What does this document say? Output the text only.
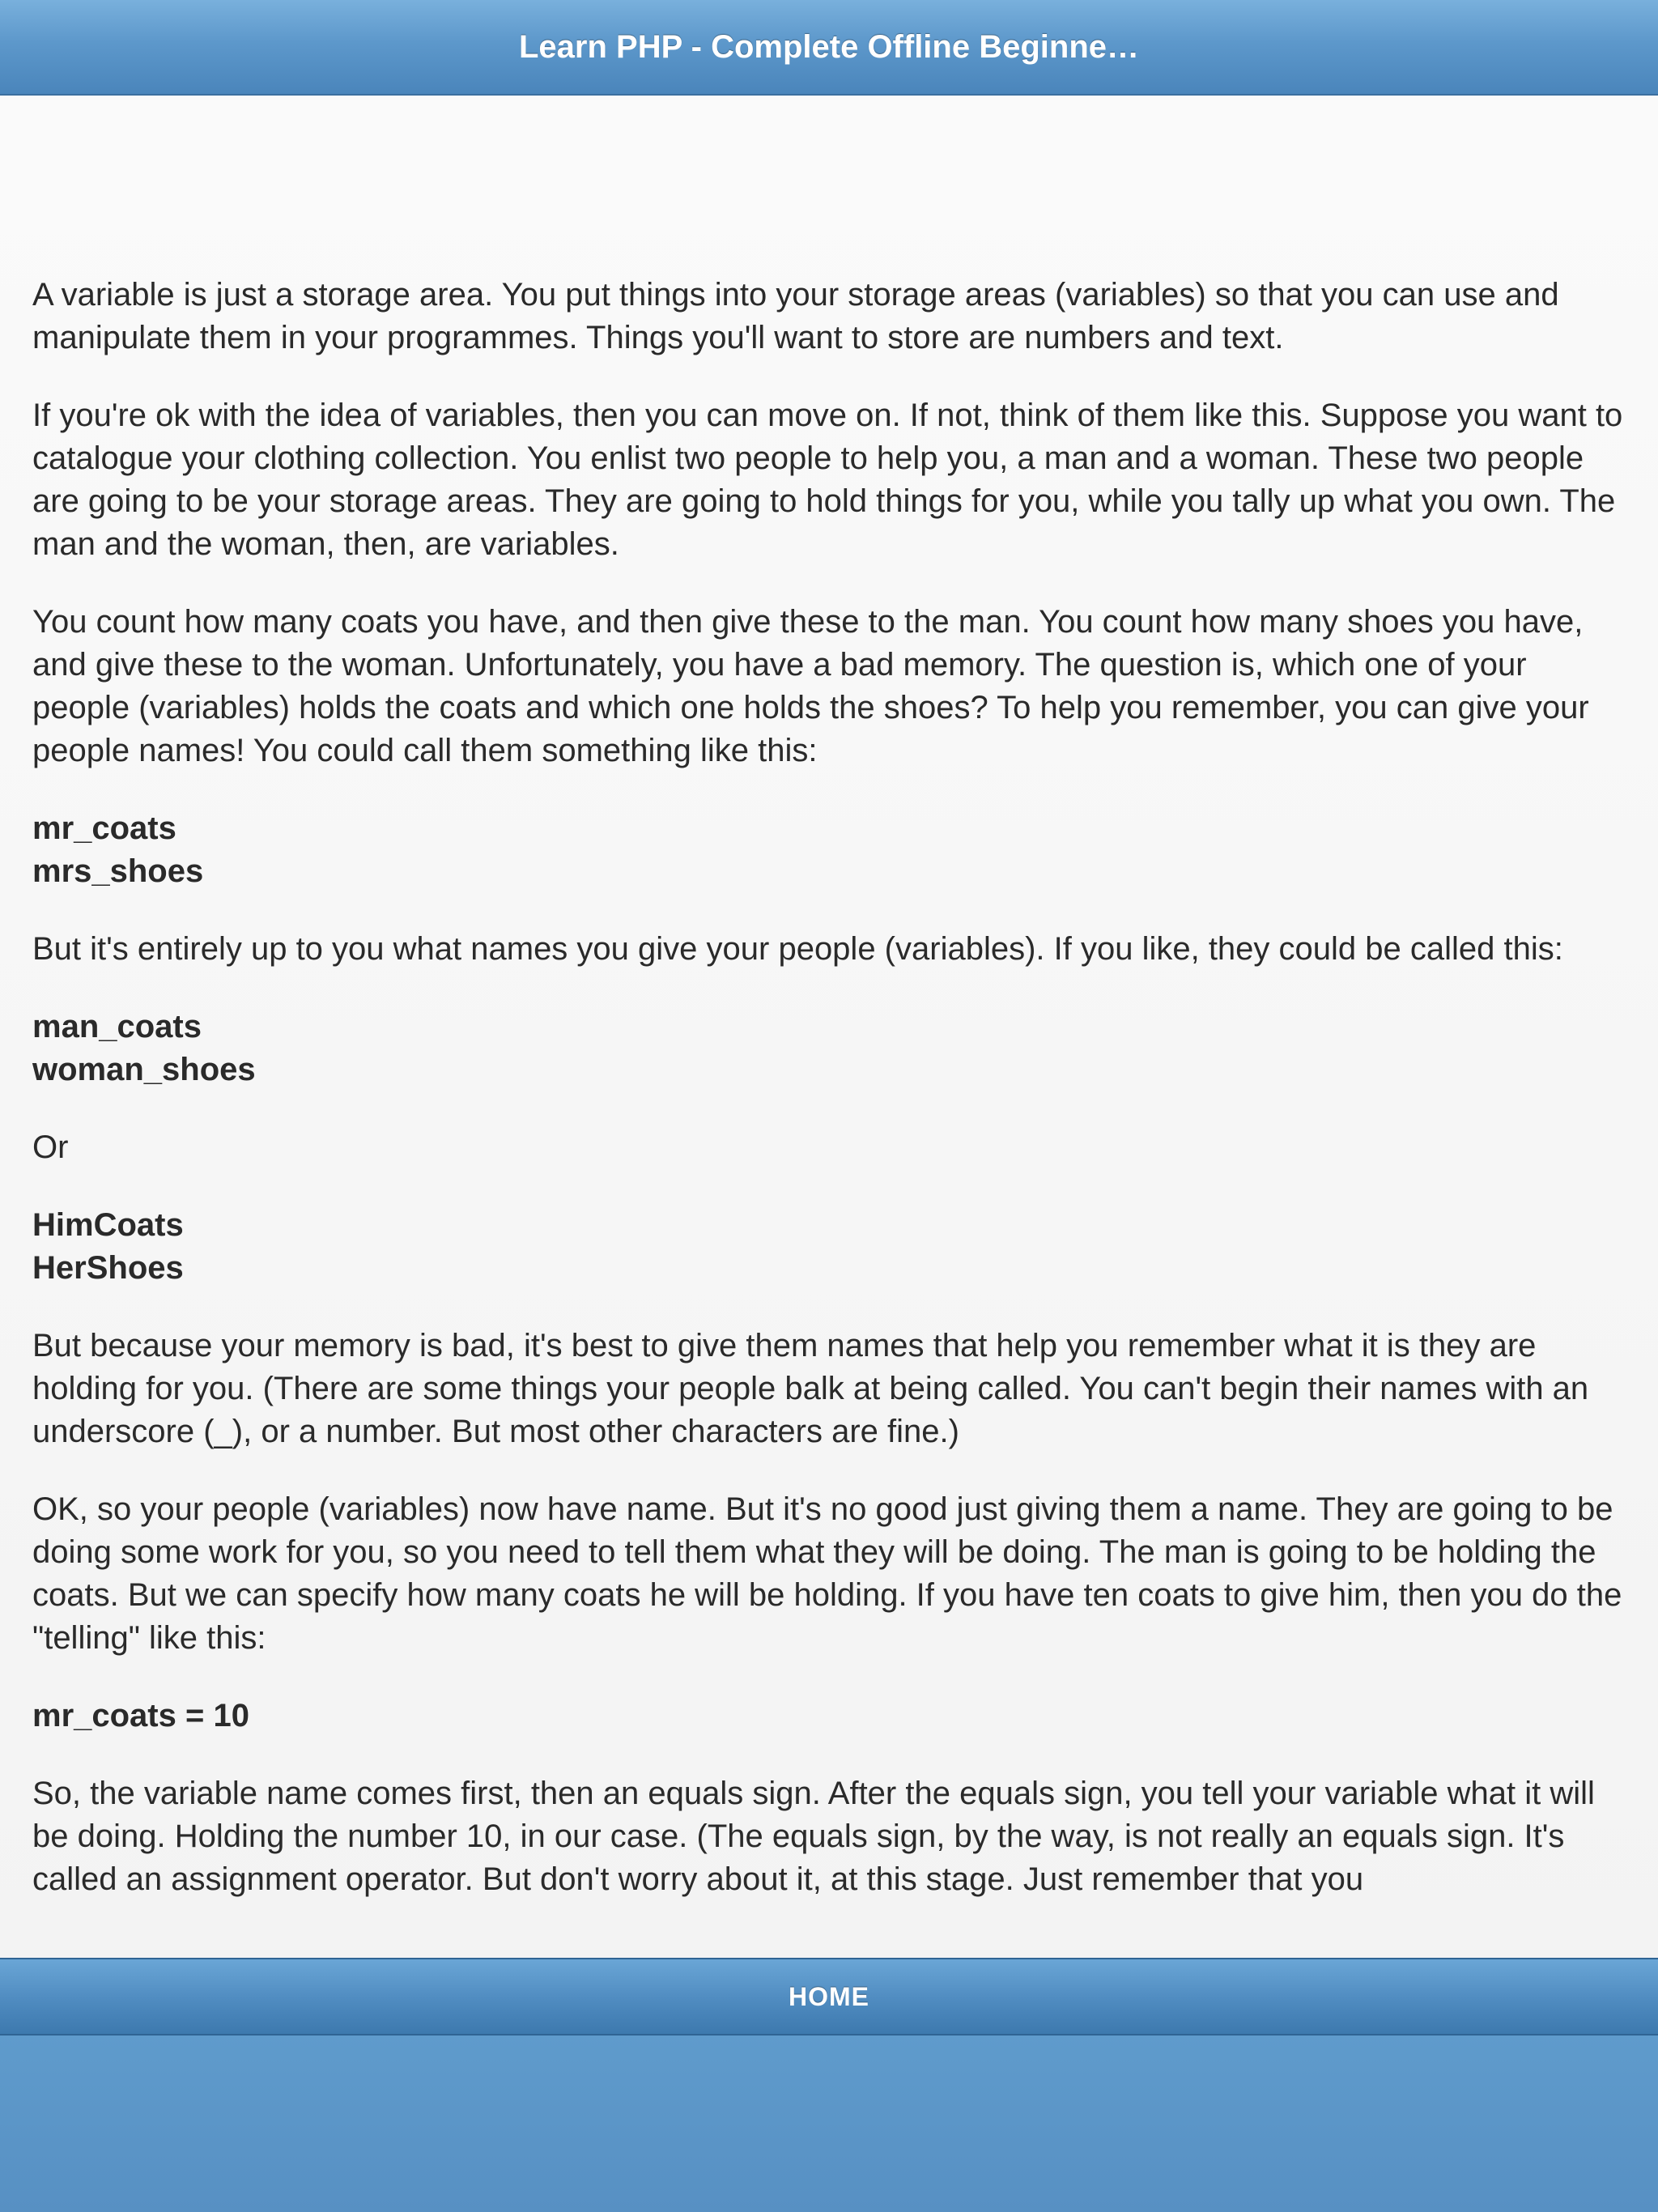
Learn PHP - Complete Offline Beginne…

A variable is just a storage area. You put things into your storage areas (variables) so that you can use and manipulate them in your programmes. Things you'll want to store are numbers and text.

If you're ok with the idea of variables, then you can move on. If not, think of them like this. Suppose you want to catalogue your clothing collection. You enlist two people to help you, a man and a woman. These two people are going to be your storage areas. They are going to hold things for you, while you tally up what you own. The man and the woman, then, are variables.

You count how many coats you have, and then give these to the man. You count how many shoes you have, and give these to the woman. Unfortunately, you have a bad memory. The question is, which one of your people (variables) holds the coats and which one holds the shoes? To help you remember, you can give your people names! You could call them something like this:

mr_coats
mrs_shoes

But it's entirely up to you what names you give your people (variables). If you like, they could be called this:

man_coats
woman_shoes

Or

HimCoats
HerShoes

But because your memory is bad, it's best to give them names that help you remember what it is they are holding for you. (There are some things your people balk at being called. You can't begin their names with an underscore (_), or a number. But most other characters are fine.)

OK, so your people (variables) now have name. But it's no good just giving them a name. They are going to be doing some work for you, so you need to tell them what they will be doing. The man is going to be holding the coats. But we can specify how many coats he will be holding. If you have ten coats to give him, then you do the "telling" like this:

mr_coats = 10

So, the variable name comes first, then an equals sign. After the equals sign, you tell your variable what it will be doing. Holding the number 10, in our case. (The equals sign, by the way, is not really an equals sign. It's called an assignment operator. But don't worry about it, at this stage. Just remember that you

HOME
